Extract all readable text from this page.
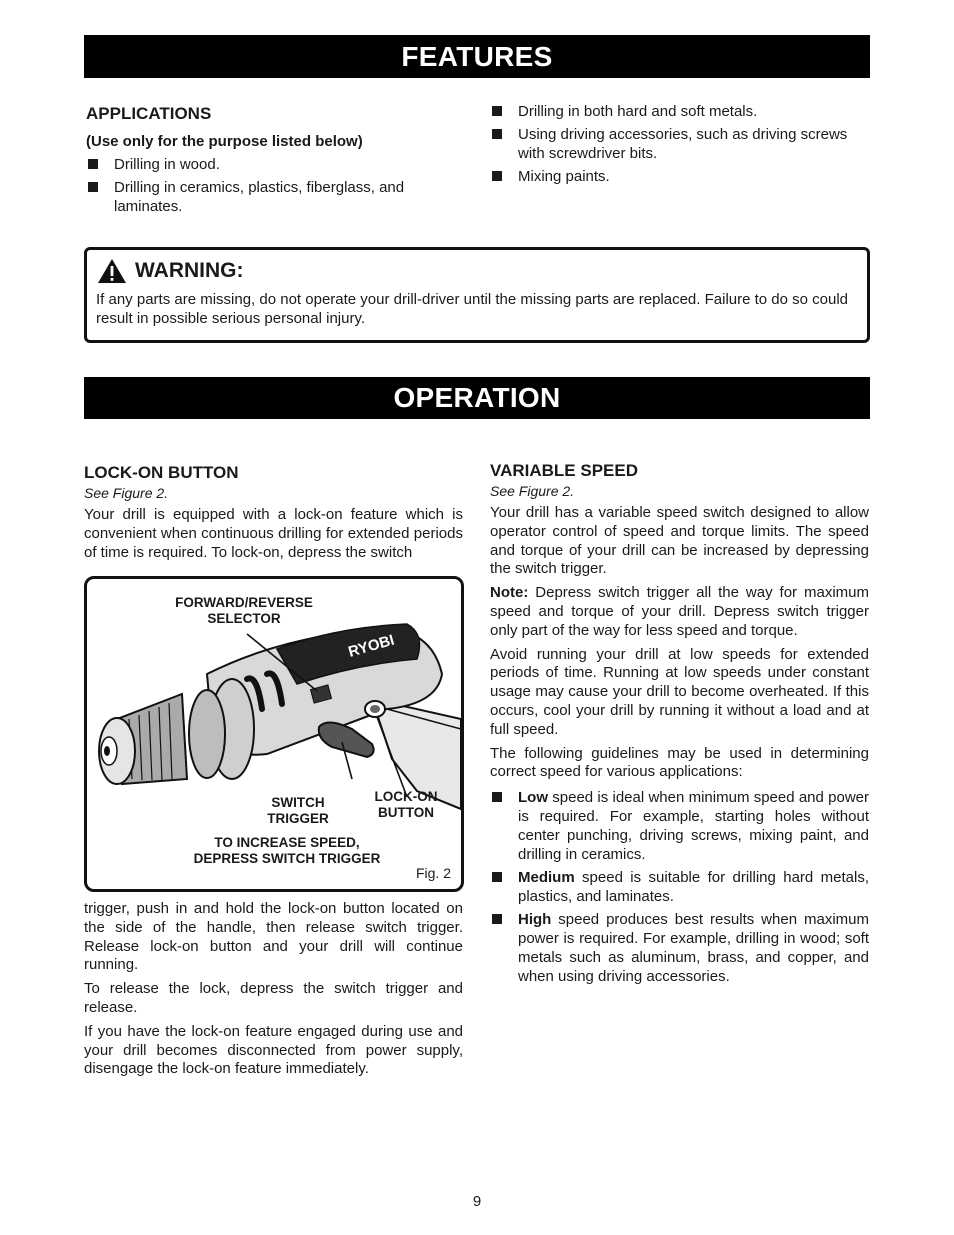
FEATURES

APPLICATIONS

(Use only for the purpose listed below)

Drilling in wood.
Drilling in ceramics, plastics, fiberglass, and laminates.
Drilling in both hard and soft metals.
Using driving accessories, such as driving screws with screwdriver bits.
Mixing paints.
WARNING:
If any parts are missing, do not operate your drill-driver until the missing parts are replaced. Failure to do so could result in possible serious personal injury.
OPERATION

LOCK-ON BUTTON

See Figure 2.

Your drill is equipped with a lock-on feature which is convenient when continuous drilling for extended periods of time is required. To lock-on, depress the switch

RYOBI
FORWARD/REVERSE
SELECTOR
SWITCH
TRIGGER
LOCK-ON
BUTTON
TO INCREASE SPEED,
DEPRESS SWITCH TRIGGER
Fig. 2

trigger, push in and hold the lock-on button located on the side of the handle, then release switch trigger. Release lock-on button and your drill will continue running.

To release the lock, depress the switch trigger and release.

If you have the lock-on feature engaged during use and your drill becomes disconnected from power supply, disengage the lock-on feature immediately.

VARIABLE SPEED

See Figure 2.

Your drill has a variable speed switch designed to allow operator control of speed and torque limits. The speed and torque of your drill can be increased by depressing the switch trigger.

Note: Depress switch trigger all the way for maximum speed and torque of your drill. Depress switch trigger only part of the way for less speed and torque.

Avoid running your drill at low speeds for extended periods of time. Running at low speeds under constant usage may cause your drill to become overheated. If this occurs, cool your drill by running it without a load and at full speed.

The following guidelines may be used in determining correct speed for various applications:

Low speed is ideal when minimum speed and power is required. For example, starting holes without center punching, driving screws, mixing paint, and drilling in ceramics.
Medium speed is suitable for drilling hard metals, plastics, and laminates.
High speed produces best results when maximum power is required. For example, drilling in wood; soft metals such as aluminum, brass, and copper, and when using driving accessories.
9
